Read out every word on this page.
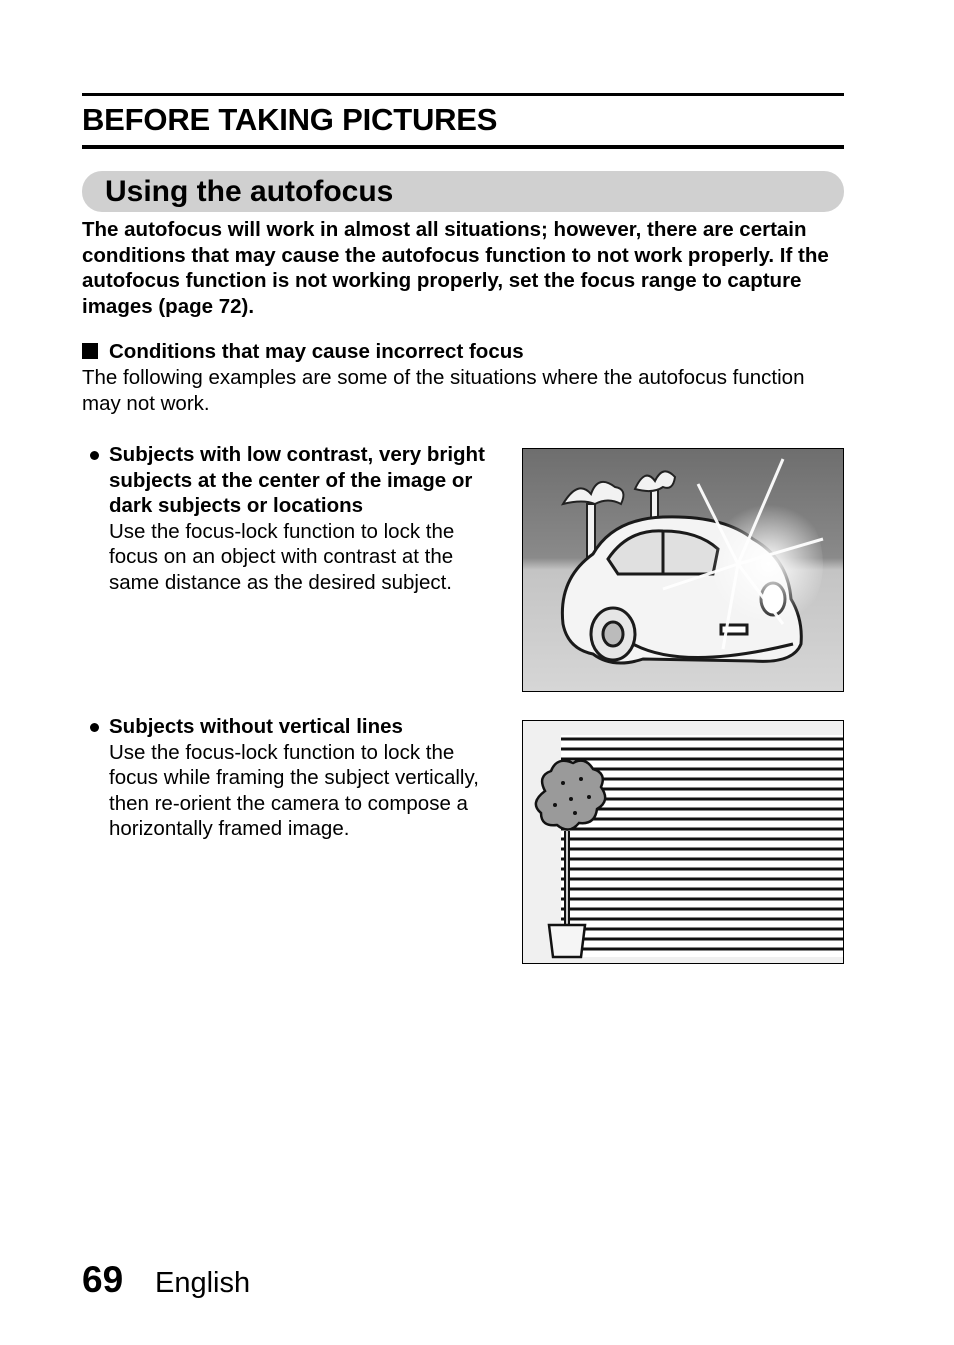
BEFORE TAKING PICTURES
Using the autofocus

The autofocus will work in almost all situations; however, there are certain conditions that may cause the autofocus function to not work properly. If the autofocus function is not working properly, set the focus range to capture images (page 72).

Conditions that may cause incorrect focus

The following examples are some of the situations where the autofocus function may not work.

Subjects with low contrast, very bright subjects at the center of the image or dark subjects or locations
Use the focus-lock function to lock the focus on an object with contrast at the same distance as the desired subject.
Subjects without vertical lines
Use the focus-lock function to lock the focus while framing the subject vertically, then re-orient the camera to compose a horizontally framed image.
69 English
